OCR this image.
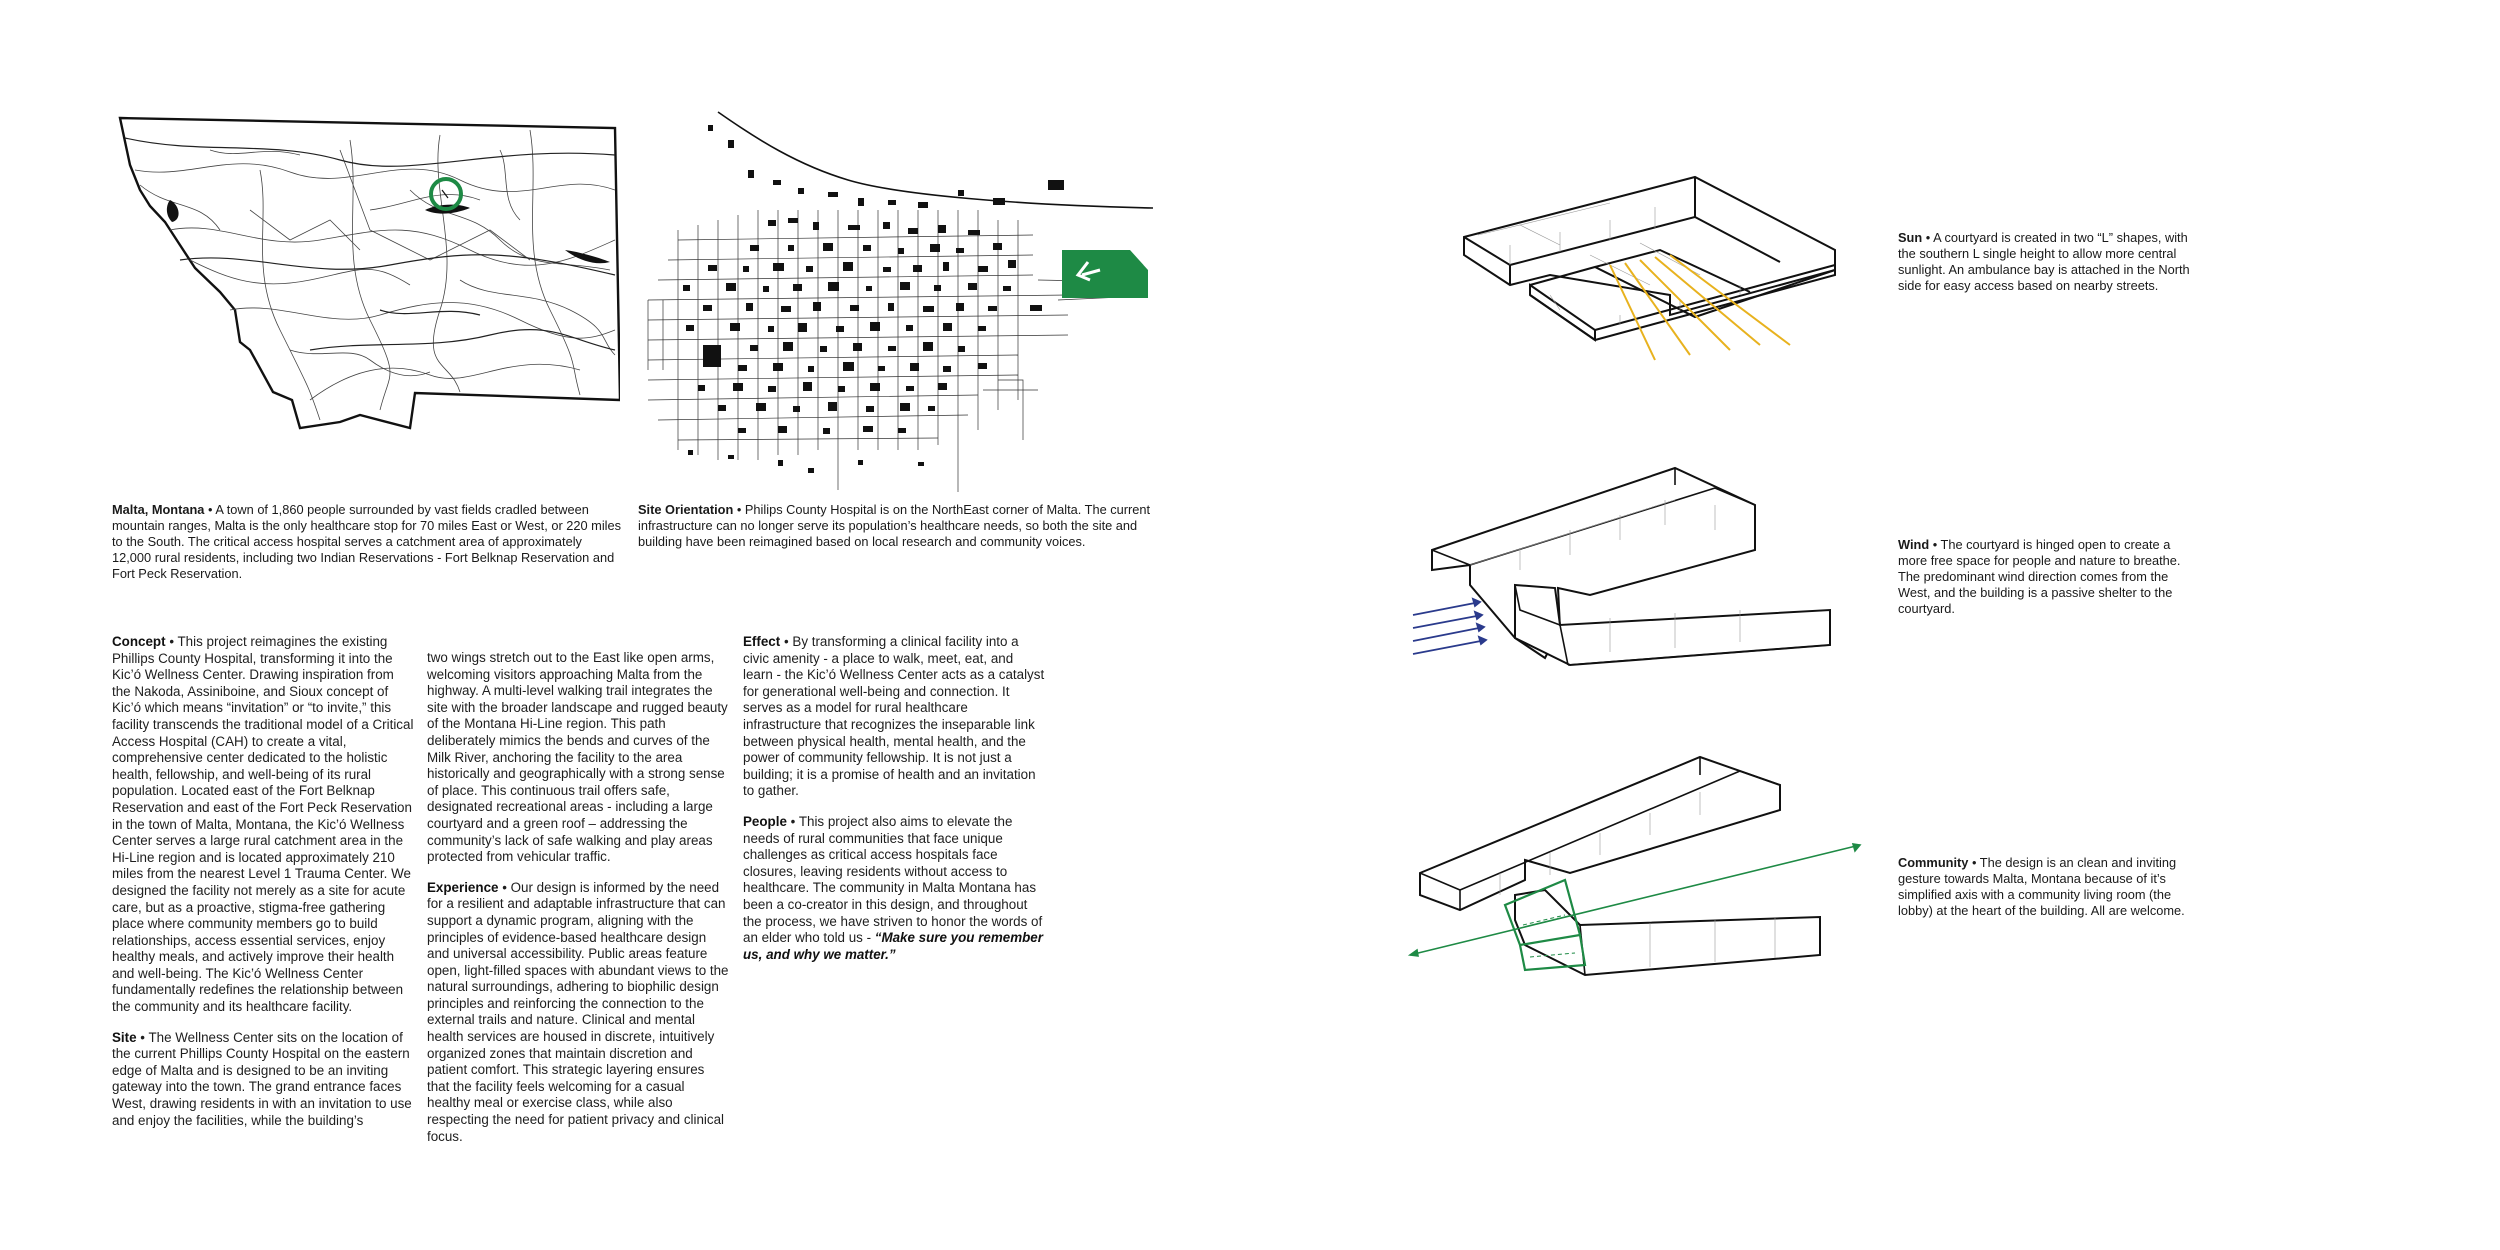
Malta, Montana • A town of 1,860 people surrounded by vast fields cradled between mountain ranges, Malta is the only healthcare stop for 70 miles East or West, or 220 miles to the South. The critical access hospital serves a catchment area of approximately 12,000 rural residents, including two Indian Reservations - Fort Belknap Reservation and Fort Peck Reservation.

Site Orientation • Philips County Hospital is on the NorthEast corner of Malta. The current infrastructure can no longer serve its population’s healthcare needs, so both the site and building have been reimagined based on local research and community voices.

Concept • This project reimagines the existing Phillips County Hospital, transforming it into the Kic’ó Wellness Center. Drawing inspiration from the Nakoda, Assiniboine, and Sioux concept of Kic’ó which means “invitation” or “to invite,” this facility transcends the traditional model of a Critical Access Hospital (CAH) to create a vital, comprehensive center dedicated to the holistic health, fellowship, and well-being of its rural population. Located east of the Fort Belknap Reservation and east of the Fort Peck Reservation in the town of Malta, Montana, the Kic’ó Wellness Center serves a large rural catchment area in the Hi-Line region and is located approximately 210 miles from the nearest Level 1 Trauma Center. We designed the facility not merely as a site for acute care, but as a proactive, stigma-free gathering place where community members go to build relationships, access essential services, enjoy healthy meals, and actively improve their health and well-being. The Kic’ó Wellness Center fundamentally redefines the relationship between the community and its healthcare facility.

Site • The Wellness Center sits on the location of the current Phillips County Hospital on the eastern edge of Malta and is designed to be an inviting gateway into the town. The grand entrance faces West, drawing residents in with an invitation to use and enjoy the facilities, while the building’s

two wings stretch out to the East like open arms, welcoming visitors approaching Malta from the highway. A multi-level walking trail integrates the site with the broader landscape and rugged beauty of the Montana Hi-Line region. This path deliberately mimics the bends and curves of the Milk River, anchoring the facility to the area historically and geographically with a strong sense of place. This continuous trail offers safe, designated recreational areas - including a large courtyard and a green roof – addressing the community’s lack of safe walking and play areas protected from vehicular traffic.

Experience • Our design is informed by the need for a resilient and adaptable infrastructure that can support a dynamic program, aligning with the principles of evidence-based healthcare design and universal accessibility. Public areas feature open, light-filled spaces with abundant views to the natural surroundings, adhering to biophilic design principles and reinforcing the connection to the external trails and nature. Clinical and mental health services are housed in discrete, intuitively organized zones that maintain discretion and patient comfort. This strategic layering ensures that the facility feels welcoming for a casual healthy meal or exercise class, while also respecting the need for patient privacy and clinical focus.

Effect • By transforming a clinical facility into a civic amenity - a place to walk, meet, eat, and learn - the Kic’ó Wellness Center acts as a catalyst for generational well-being and connection. It serves as a model for rural healthcare infrastructure that recognizes the inseparable link between physical health, mental health, and the power of community fellowship. It is not just a building; it is a promise of health and an invitation to gather.

People • This project also aims to elevate the needs of rural communities that face unique challenges as critical access hospitals face closures, leaving residents without access to healthcare. The community in Malta Montana has been a co-creator in this design, and throughout the process, we have striven to honor the words of an elder who told us - “Make sure you remember us, and why we matter.”

Sun • A courtyard is created in two “L” shapes, with the southern L single height to allow more central sunlight. An ambulance bay is attached in the North side for easy access based on nearby streets.

Wind • The courtyard is hinged open to create a more free space for people and nature to breathe. The predominant wind direction comes from the West, and the building is a passive shelter to the courtyard.

Community • The design is an clean and inviting gesture towards Malta, Montana because of it’s simplified axis with a community living room (the lobby) at the heart of the building. All are welcome.
